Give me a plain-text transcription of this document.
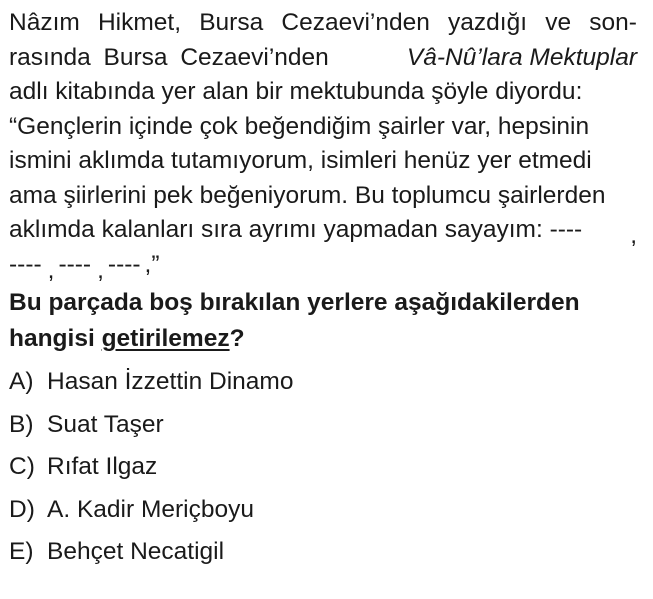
Nâzım Hikmet, Bursa Cezaevi’nden yazdığı ve son-
rasında Bursa Cezaevi’nden	Vâ-Nû’lara Mektuplar
adlı kitabında yer alan bir mektubunda şöyle diyordu:
“Gençlerin içinde çok beğendiğim şairler var, hepsinin
ismini aklımda tutamıyorum, isimleri henüz yer etmedi
ama şiirlerini pek beğeniyorum. Bu toplumcu şairlerden
aklımda kalanları sıra ayrımı yapmadan sayayım: ---- ,
---- , ---- , ---- ,”
Bu parçada boş bırakılan yerlere aşağıdakilerden
hangisi getirilemez?
A) Hasan İzzettin Dinamo
B) Suat Taşer
C) Rıfat Ilgaz
D) A. Kadir Meriçboyu
E) Behçet Necatigil
